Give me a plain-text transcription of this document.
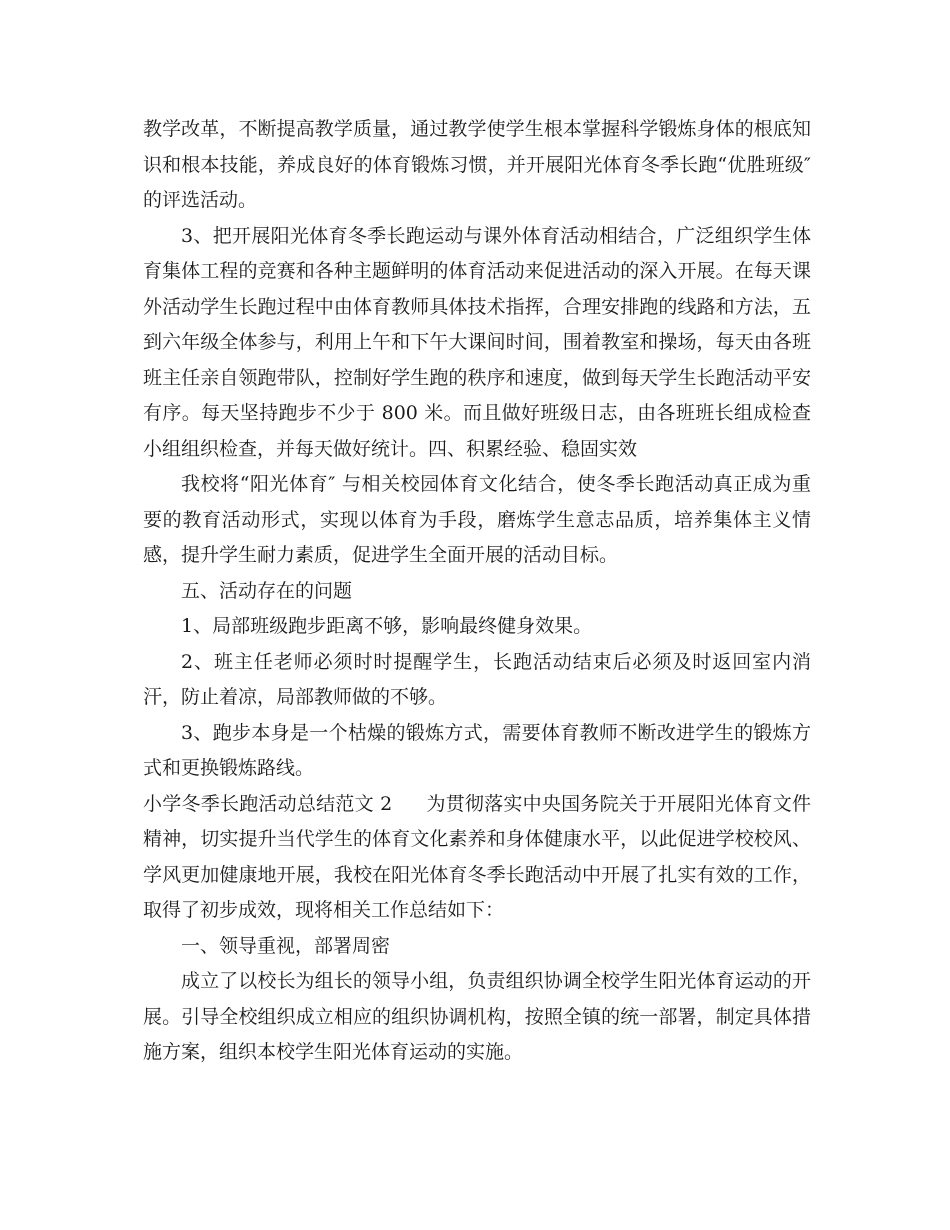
教学改革，不断提高教学质量，通过教学使学生根本掌握科学锻炼身体的根底知识和根本技能，养成良好的体育锻炼习惯，并开展阳光体育冬季长跑“优胜班级″的评选活动。

3、把开展阳光体育冬季长跑运动与课外体育活动相结合，广泛组织学生体育集体工程的竞赛和各种主题鲜明的体育活动来促进活动的深入开展。在每天课外活动学生长跑过程中由体育教师具体技术指挥，合理安排跑的线路和方法，五到六年级全体参与，利用上午和下午大课间时间，围着教室和操场，每天由各班班主任亲自领跑带队，控制好学生跑的秩序和速度，做到每天学生长跑活动平安有序。每天坚持跑步不少于 800 米。而且做好班级日志，由各班班长组成检查小组组织检查，并每天做好统计。四、积累经验、稳固实效

我校将“阳光体育″ 与相关校园体育文化结合，使冬季长跑活动真正成为重要的教育活动形式，实现以体育为手段，磨炼学生意志品质，培养集体主义情感，提升学生耐力素质，促进学生全面开展的活动目标。

五、活动存在的问题

1、局部班级跑步距离不够，影响最终健身效果。

2、班主任老师必须时时提醒学生，长跑活动结束后必须及时返回室内消汗，防止着凉，局部教师做的不够。

3、跑步本身是一个枯燥的锻炼方式，需要体育教师不断改进学生的锻炼方式和更换锻炼路线。

小学冬季长跑活动总结范文 2 为贯彻落实中央国务院关于开展阳光体育文件精神，切实提升当代学生的体育文化素养和身体健康水平，以此促进学校校风、学风更加健康地开展，我校在阳光体育冬季长跑活动中开展了扎实有效的工作，取得了初步成效，现将相关工作总结如下：

一、领导重视，部署周密

成立了以校长为组长的领导小组，负责组织协调全校学生阳光体育运动的开展。引导全校组织成立相应的组织协调机构，按照全镇的统一部署，制定具体措施方案，组织本校学生阳光体育运动的实施。
